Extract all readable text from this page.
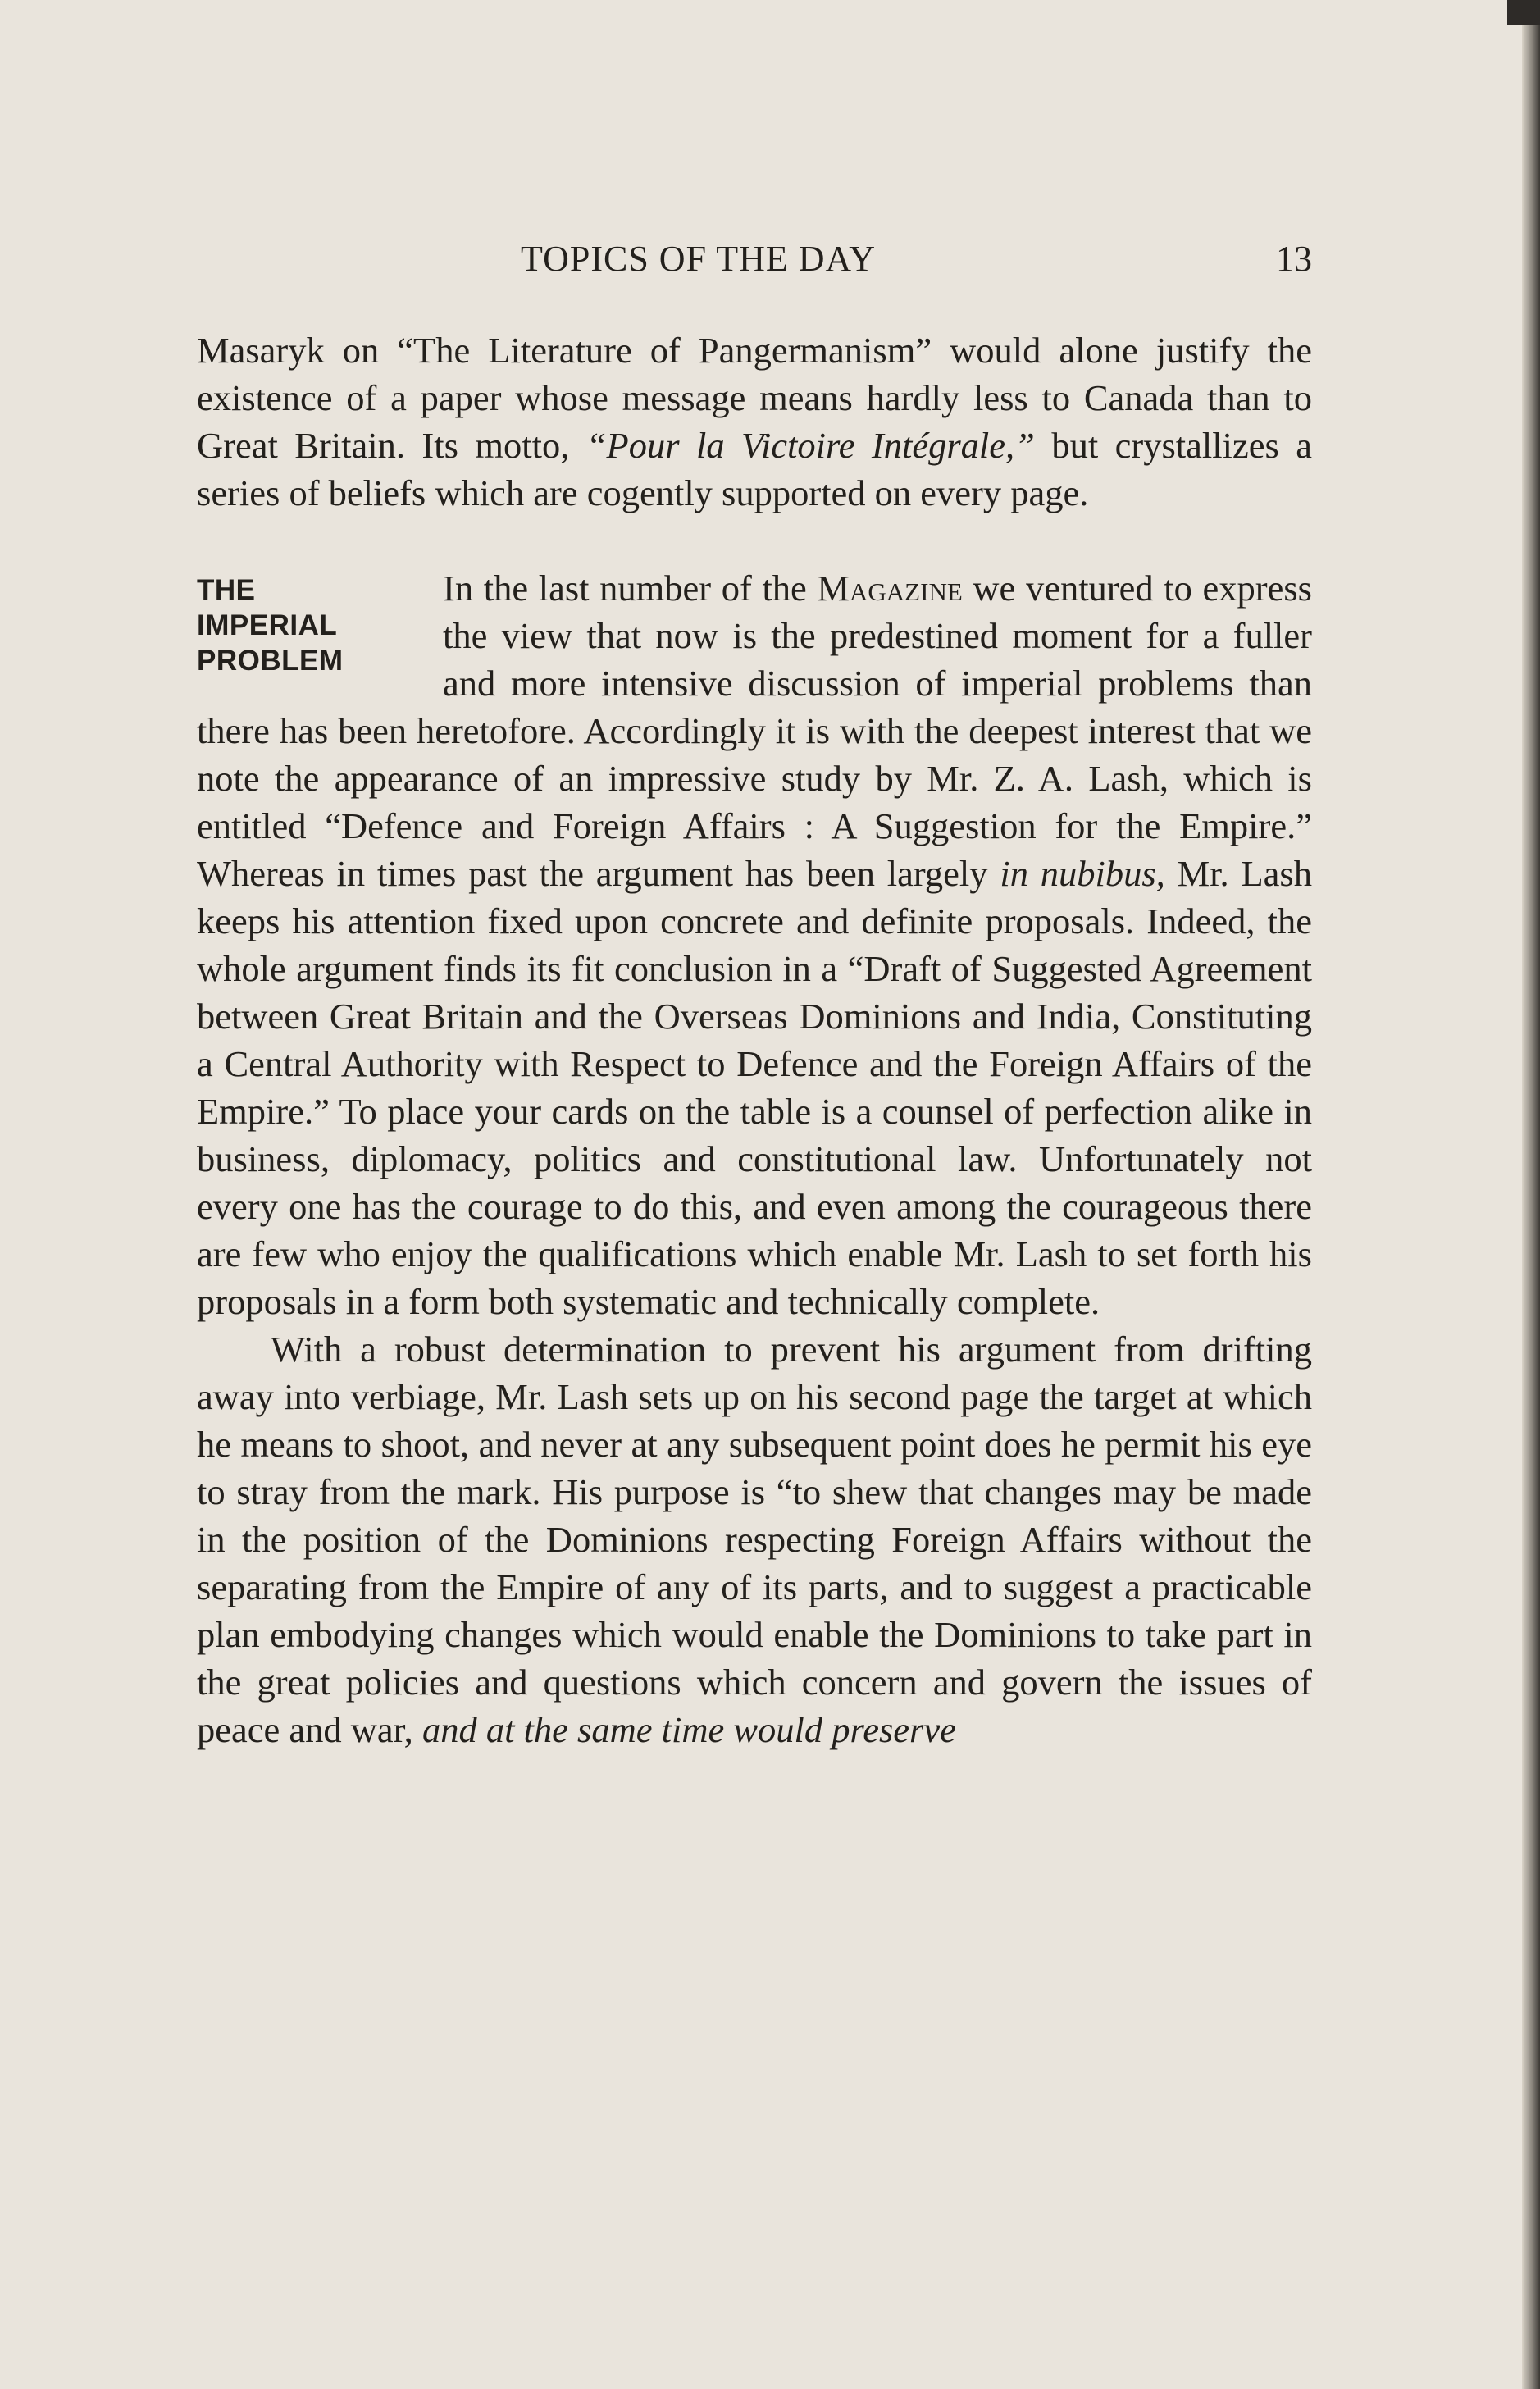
TOPICS OF THE DAY	13

Masaryk on “The Literature of Pangermanism” would alone justify the existence of a paper whose message means hardly less to Canada than to Great Britain. Its motto, “Pour la Victoire Intégrale,” but crystallizes a series of beliefs which are cogently supported on every page.

THE
IMPERIAL
PROBLEM

In the last number of the Magazine we ventured to express the view that now is the predestined moment for a fuller and more intensive discussion of imperial problems than there has been heretofore. Accordingly it is with the deepest interest that we note the appearance of an impressive study by Mr. Z. A. Lash, which is entitled “Defence and Foreign Affairs : A Suggestion for the Empire.” Whereas in times past the argument has been largely in nubibus, Mr. Lash keeps his attention fixed upon concrete and definite proposals. Indeed, the whole argument finds its fit conclusion in a “Draft of Suggested Agreement between Great Britain and the Overseas Dominions and India, Constituting a Central Authority with Respect to Defence and the Foreign Affairs of the Empire.” To place your cards on the table is a counsel of perfection alike in business, diplomacy, politics and constitutional law. Unfortunately not every one has the courage to do this, and even among the courageous there are few who enjoy the qualifications which enable Mr. Lash to set forth his proposals in a form both systematic and technically complete.

With a robust determination to prevent his argument from drifting away into verbiage, Mr. Lash sets up on his second page the target at which he means to shoot, and never at any subsequent point does he permit his eye to stray from the mark. His purpose is “to shew that changes may be made in the position of the Dominions respecting Foreign Affairs without the separating from the Empire of any of its parts, and to suggest a practicable plan embodying changes which would enable the Dominions to take part in the great policies and questions which concern and govern the issues of peace and war, and at the same time would preserve
